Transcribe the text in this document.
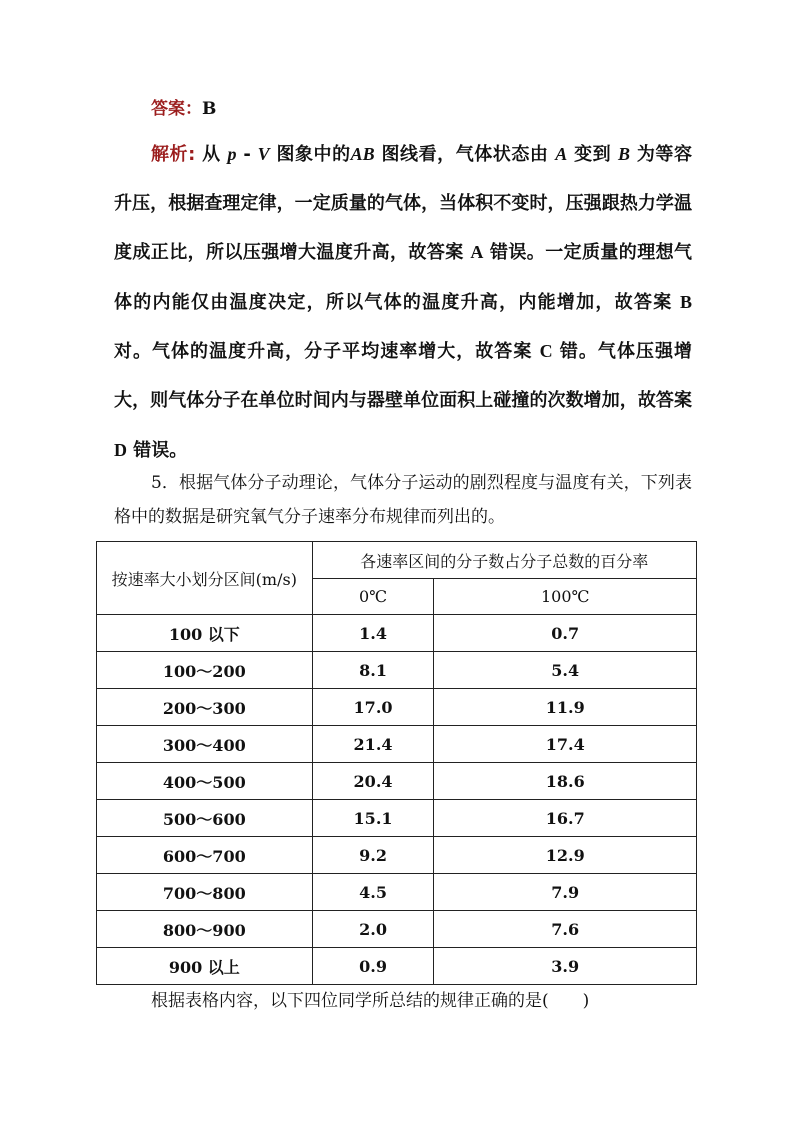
答案：B
解析: 从 p - V 图象中的AB 图线看，气体状态由 A 变到 B 为等容升压，根据查理定律，一定质量的气体，当体积不变时，压强跟热力学温度成正比，所以压强增大温度升高，故答案 A 错误。一定质量的理想气体的内能仅由温度决定，所以气体的温度升高，内能增加，故答案 B 对。气体的温度升高，分子平均速率增大，故答案 C 错。气体压强增大，则气体分子在单位时间内与器壁单位面积上碰撞的次数增加，故答案 D 错误。
5．根据气体分子动理论，气体分子运动的剧烈程度与温度有关，下列表格中的数据是研究氧气分子速率分布规律而列出的。
按速率大小划分区间(m/s)	各速率区间的分子数占分子总数的百分率	
	0℃	100℃
100 以下	1.4	0.7
100～200	8.1	5.4
200～300	17.0	11.9
300～400	21.4	17.4
400～500	20.4	18.6
500～600	15.1	16.7
600～700	9.2	12.9
700～800	4.5	7.9
800～900	2.0	7.6
900 以上	0.9	3.9
根据表格内容，以下四位同学所总结的规律正确的是(　　)
